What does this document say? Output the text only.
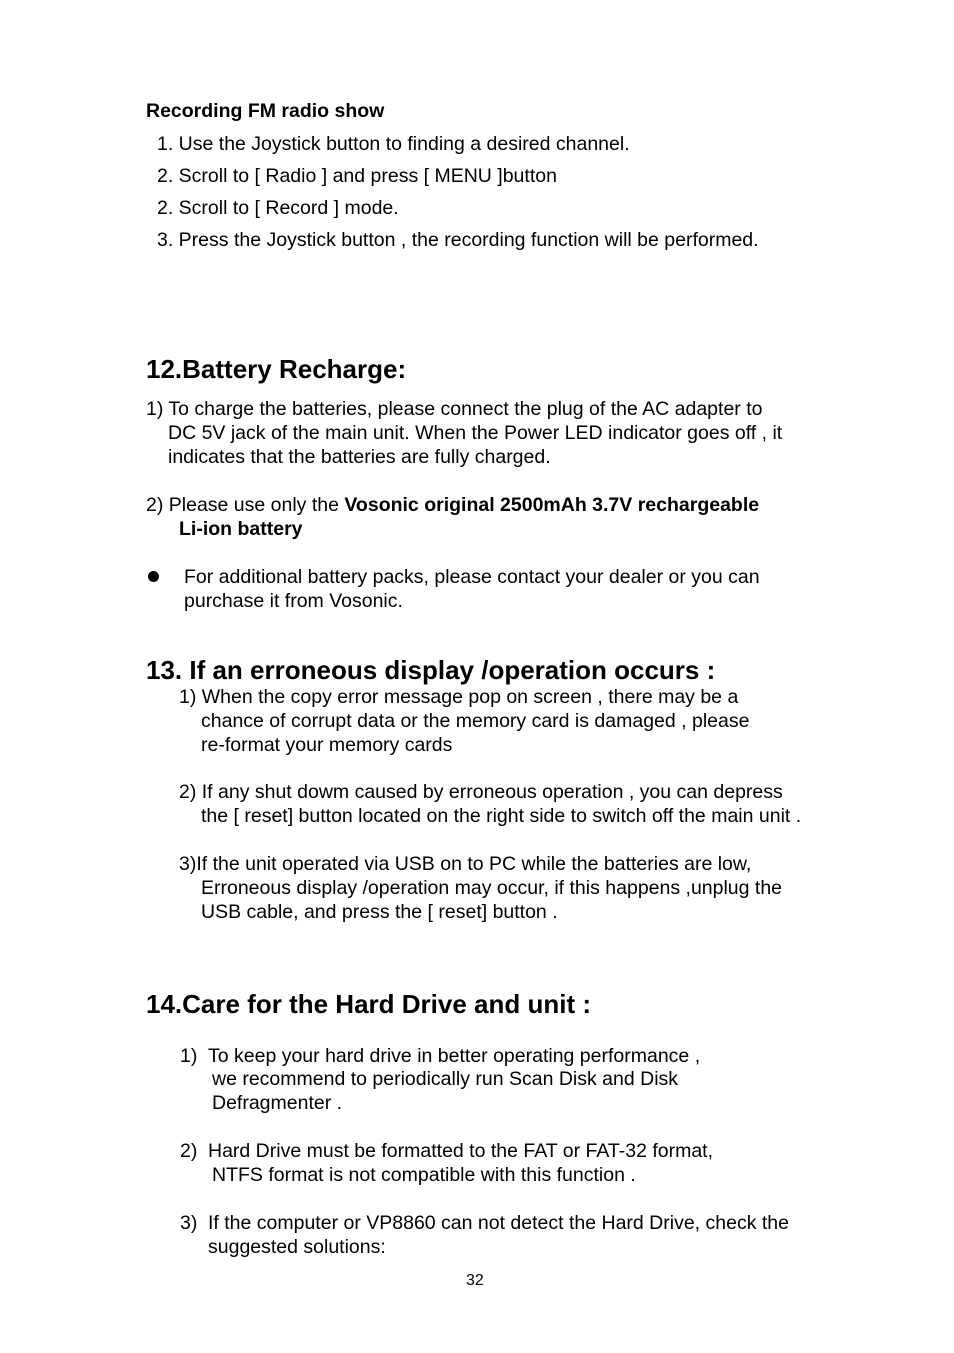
Recording FM radio show
1. Use the Joystick button to finding a desired channel.
2. Scroll to [ Radio ] and press [ MENU ]button
2. Scroll to [ Record ] mode.
3. Press the Joystick button , the recording function will be performed.
12.Battery Recharge:
1) To charge the batteries, please connect the plug of the AC adapter to
DC 5V jack of the main unit. When the Power LED indicator goes off , it
indicates that the batteries are fully charged.
2) Please use only the Vosonic original 2500mAh 3.7V rechargeable
Li-ion battery
For additional battery packs, please contact your dealer or you can
purchase it from Vosonic.
13. If an erroneous display /operation occurs :
1) When the copy error message pop on screen , there may be a
chance of corrupt data or the memory card is damaged , please
re-format your memory cards
2) If any shut dowm caused by erroneous operation , you can depress
the [ reset] button located on the right side to switch off the main unit .
3)If the unit operated via USB on to PC while the batteries are low,
Erroneous display /operation may occur, if this happens ,unplug the
USB cable, and press the [ reset] button .
14.Care for the Hard Drive and unit :
1) To keep your hard drive in better operating performance ,
we recommend to periodically run Scan Disk and Disk
Defragmenter .
2) Hard Drive must be formatted to the FAT or FAT-32 format,
NTFS format is not compatible with this function .
3) If the computer or VP8860 can not detect the Hard Drive, check the
suggested solutions:
32
